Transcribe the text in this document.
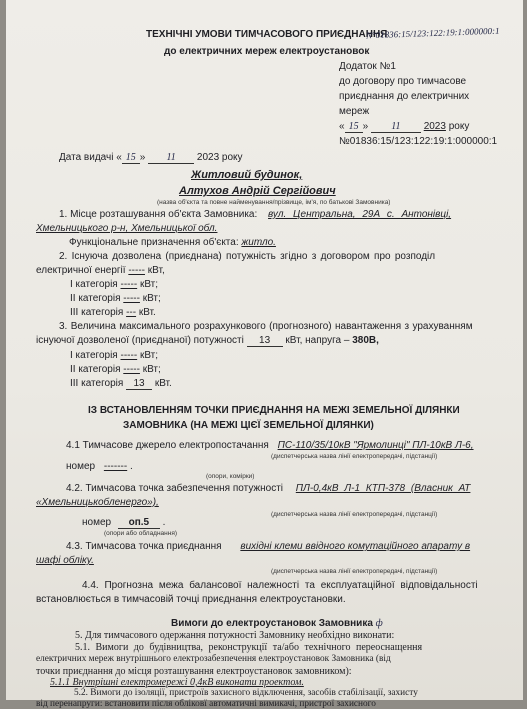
ТЕХНІЧНІ УМОВИ ТИМЧАСОВОГО ПРИЄДНАННЯ
N°01836:15/123:122:19:1:000000:1
до електричних мереж електроустановок
Додаток №1
до договору про тимчасове
приєднання до електричних
мереж
« 15 » 11 2023 року
№01836:15/123:122:19:1:000000:1
Дата видачі « 15 » 11 2023 року
Житловий будинок,
Алтухов Андрій Сергійович
(назва об'єкта та повне найменування/прізвище, ім'я, по батькові Замовника)
1. Місце розташування об'єкта Замовника: вул. Центральна, 29А с. Антонівці,
Хмельницького р-н, Хмельницької обл.
Функціональне призначення об'єкта: житло.
2. Існуюча дозволена (приєднана) потужність згідно з договором про розподіл
електричної енергії ----- кВт,
I категорія ----- кВт;
II категорія ----- кВт;
III категорія --- кВт.
3. Величина максимального розрахункового (прогнозного) навантаження з урахуванням
існуючої дозволеної (приєднаної) потужності 13 кВт, напруга – 380В,
I категорія ----- кВт;
II категорія ----- кВт;
III категорія 13 кВт.
ІЗ ВСТАНОВЛЕННЯМ ТОЧКИ ПРИЄДНАННЯ НА МЕЖІ ЗЕМЕЛЬНОЇ ДІЛЯНКИ
ЗАМОВНИКА (НА МЕЖІ ЦІЄЇ ЗЕМЕЛЬНОЇ ДІЛЯНКИ)
4.1 Тимчасове джерело електропостачання ПС-110/35/10кВ "Ярмолинці" ПЛ-10кВ Л-6,
(диспетчерська назва лінії електропередачі, підстанції)
номер ------- .
(опори, комірки)
4.2. Тимчасова точка забезпечення потужності ПЛ-0,4кВ Л-1 КТП-378 (Власник АТ
«Хмельницькобленерго»),
(диспетчерська назва лінії електропередачі, підстанції)
номер оп.5 .
(опори або обладнання)
4.3. Тимчасова точка приєднання вихідні клеми ввідного комутаційного апарату в
шафі обліку.
(диспетчерська назва лінії електропередачі, підстанції)
4.4. Прогнозна межа балансової належності та експлуатаційної відповідальності
встановлюється в тимчасовій точці приєднання електроустановки.
Вимоги до електроустановок Замовника ф
5. Для тимчасового одержання потужності Замовнику необхідно виконати:
5.1. Вимоги до будівництва, реконструкції та/або технічного переоснащення
електричних мереж внутрішнього електрозабезпечення електроустановок Замовника (від
точки приєднання до місця розташування електроустановок замовником):
5.1.1 Внутрішні електромережі 0,4кВ виконати проектом.
5.2. Вимоги до ізоляції, пристроїв захисного відключення, засобів стабілізації, захисту
від перенапруги: встановити після обліковї автоматичні вимикачі, пристрої захисного
